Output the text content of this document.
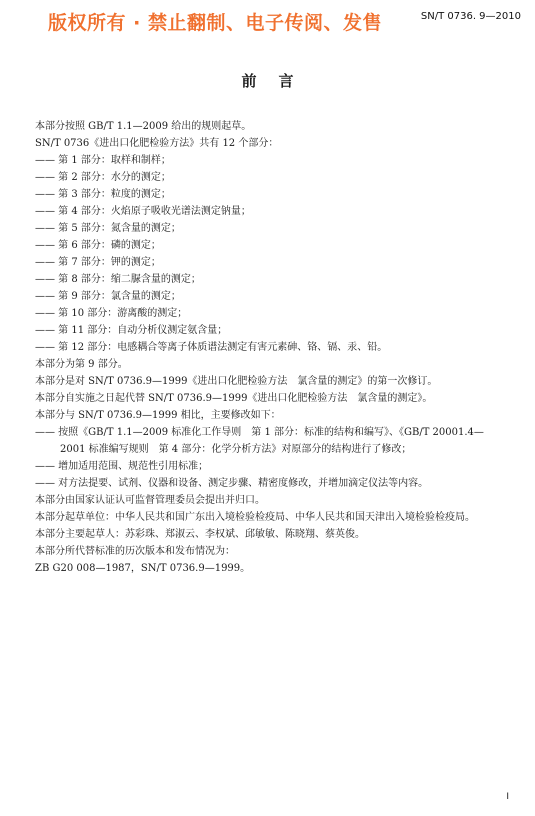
版权所有 · 禁止翻制、电子传阅、发售	SN/T 0736. 9—2010
前言

本部分按照 GB/T 1.1—2009 给出的规则起草。

SN/T 0736《进出口化肥检验方法》共有 12 个部分：

—— 第 1 部分：取样和制样；

—— 第 2 部分：水分的测定；

—— 第 3 部分：粒度的测定；

—— 第 4 部分：火焰原子吸收光谱法测定钠量；

—— 第 5 部分：氮含量的测定；

—— 第 6 部分：磷的测定；

—— 第 7 部分：钾的测定；

—— 第 8 部分：缩二脲含量的测定；

—— 第 9 部分：氯含量的测定；

—— 第 10 部分：游离酸的测定；

—— 第 11 部分：自动分析仪测定氨含量；

—— 第 12 部分：电感耦合等离子体质谱法测定有害元素砷、铬、镉、汞、铅。

本部分为第 9 部分。

本部分是对 SN/T 0736.9—1999《进出口化肥检验方法　氯含量的测定》的第一次修订。

本部分自实施之日起代替 SN/T 0736.9—1999《进出口化肥检验方法　氯含量的测定》。

本部分与 SN/T 0736.9—1999 相比，主要修改如下：

—— 按照《GB/T 1.1—2009 标准化工作导则　第 1 部分：标准的结构和编写》、《GB/T 20001.4—

2001 标准编写规则　第 4 部分：化学分析方法》对原部分的结构进行了修改；

—— 增加适用范围、规范性引用标准；

—— 对方法提要、试剂、仪器和设备、测定步骤、精密度修改，并增加滴定仪法等内容。

本部分由国家认证认可监督管理委员会提出并归口。

本部分起草单位：中华人民共和国广东出入境检验检疫局、中华人民共和国天津出入境检验检疫局。

本部分主要起草人：苏彩珠、郑淑云、李权斌、邱敏敏、陈晓翔、蔡英俊。

本部分所代替标准的历次版本和发布情况为：

ZB G20 008—1987，SN/T 0736.9—1999。

I
